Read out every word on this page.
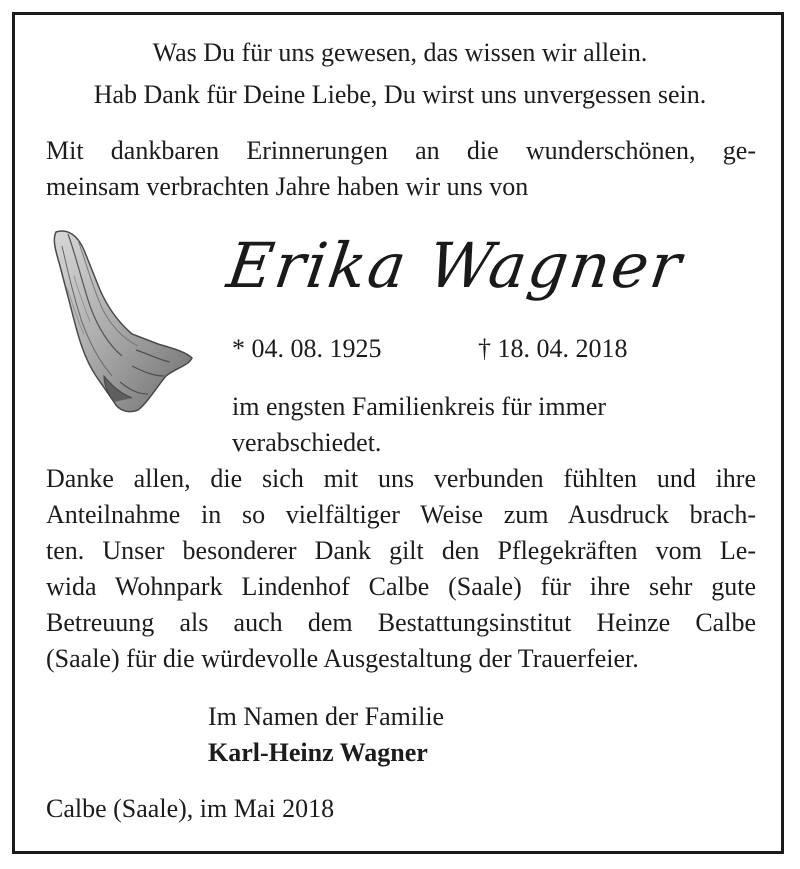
Was Du für uns gewesen, das wissen wir allein.
Hab Dank für Deine Liebe, Du wirst uns unvergessen sein.
Mit dankbaren Erinnerungen an die wunderschönen, ge-
meinsam verbrachten Jahre haben wir uns von
Erika Wagner
* 04. 08. 1925	† 18. 04. 2018
im engsten Familienkreis für immer
verabschiedet.
Danke allen, die sich mit uns verbunden fühlten und ihre
Anteilnahme in so vielfältiger Weise zum Ausdruck brach-
ten. Unser besonderer Dank gilt den Pflegekräften vom Le-
wida Wohnpark Lindenhof Calbe (Saale) für ihre sehr gute
Betreuung als auch dem Bestattungsinstitut Heinze Calbe
(Saale) für die würdevolle Ausgestaltung der Trauerfeier.
Im Namen der Familie
Karl-Heinz Wagner
Calbe (Saale), im Mai 2018
